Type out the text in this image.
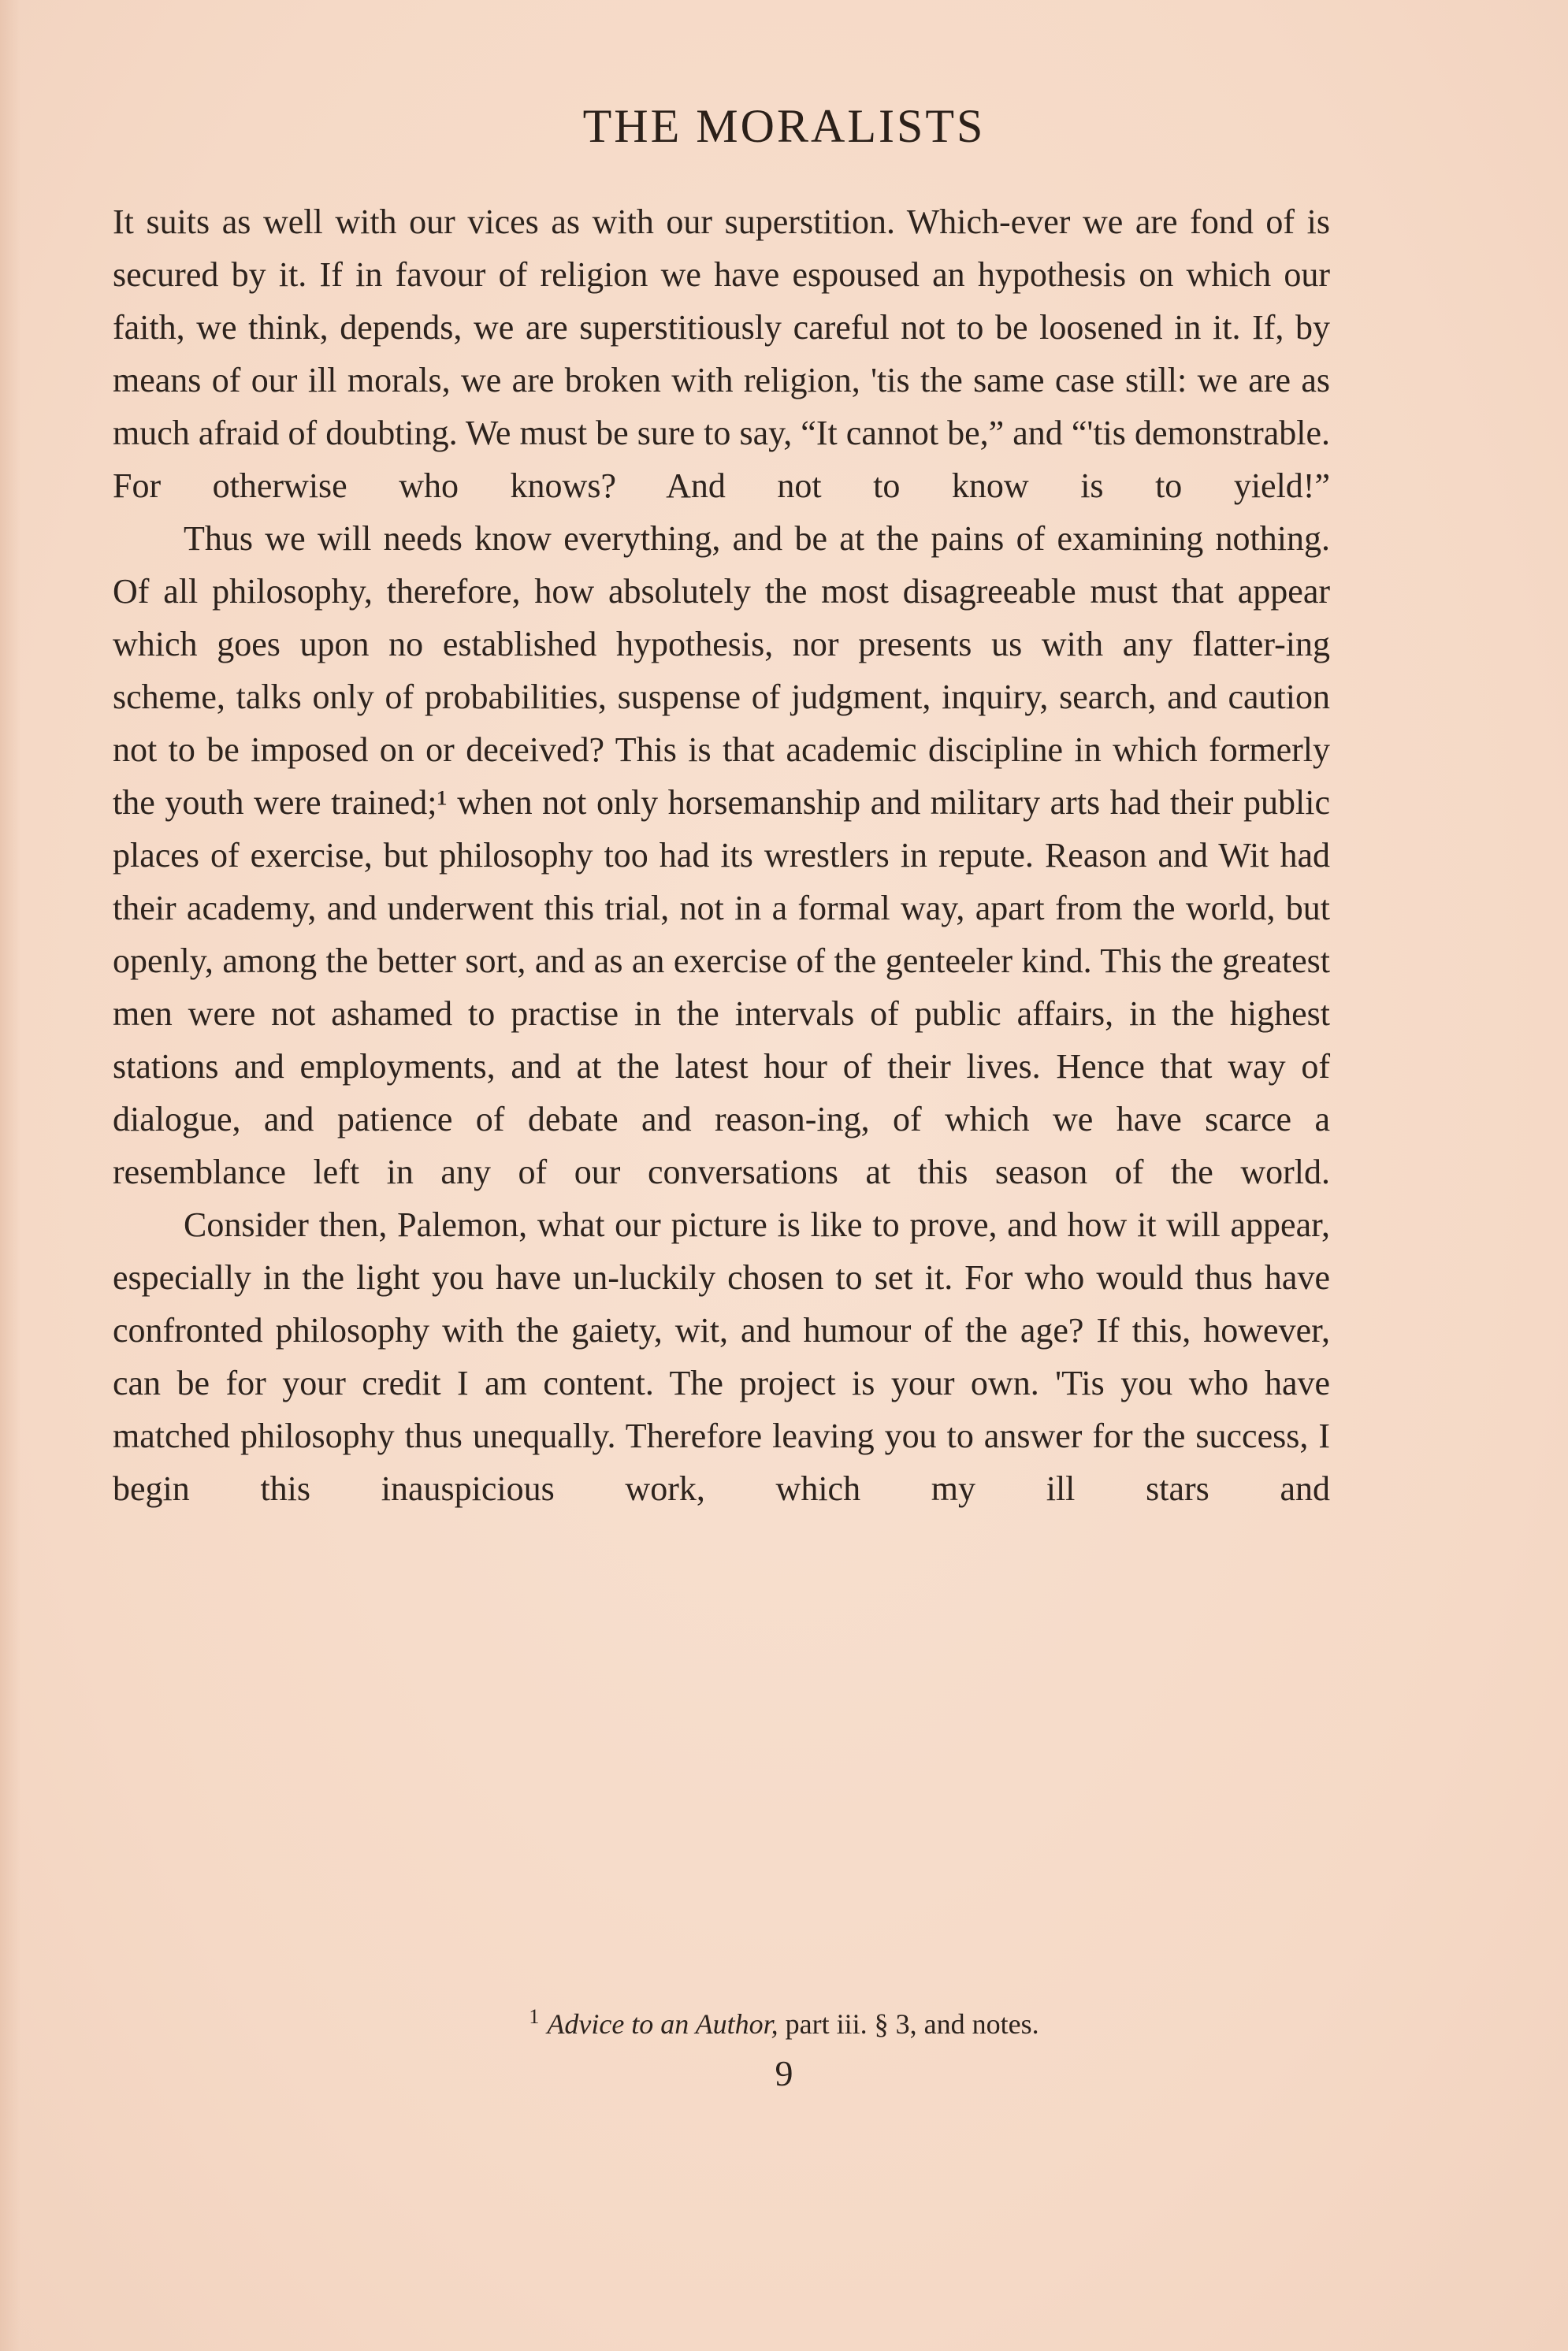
THE MORALISTS

It suits as well with our vices as with our superstition. Which-ever we are fond of is secured by it. If in favour of religion we have espoused an hypothesis on which our faith, we think, depends, we are superstitiously careful not to be loosened in it. If, by means of our ill morals, we are broken with religion, 'tis the same case still: we are as much afraid of doubting. We must be sure to say, “It cannot be,” and “'tis demonstrable. For otherwise who knows? And not to know is to yield!”

Thus we will needs know everything, and be at the pains of examining nothing. Of all philosophy, therefore, how absolutely the most disagreeable must that appear which goes upon no established hypothesis, nor presents us with any flatter-ing scheme, talks only of probabilities, suspense of judgment, inquiry, search, and caution not to be imposed on or deceived? This is that academic discipline in which formerly the youth were trained;¹ when not only horsemanship and military arts had their public places of exercise, but philosophy too had its wrestlers in repute. Reason and Wit had their academy, and underwent this trial, not in a formal way, apart from the world, but openly, among the better sort, and as an exercise of the genteeler kind. This the greatest men were not ashamed to practise in the intervals of public affairs, in the highest stations and employments, and at the latest hour of their lives. Hence that way of dialogue, and patience of debate and reason-ing, of which we have scarce a resemblance left in any of our conversations at this season of the world.

Consider then, Palemon, what our picture is like to prove, and how it will appear, especially in the light you have un-luckily chosen to set it. For who would thus have confronted philosophy with the gaiety, wit, and humour of the age? If this, however, can be for your credit I am content. The project is your own. 'Tis you who have matched philosophy thus unequally. Therefore leaving you to answer for the success, I begin this inauspicious work, which my ill stars and

$^1$ Advice to an Author, part iii. § 3, and notes.
9
